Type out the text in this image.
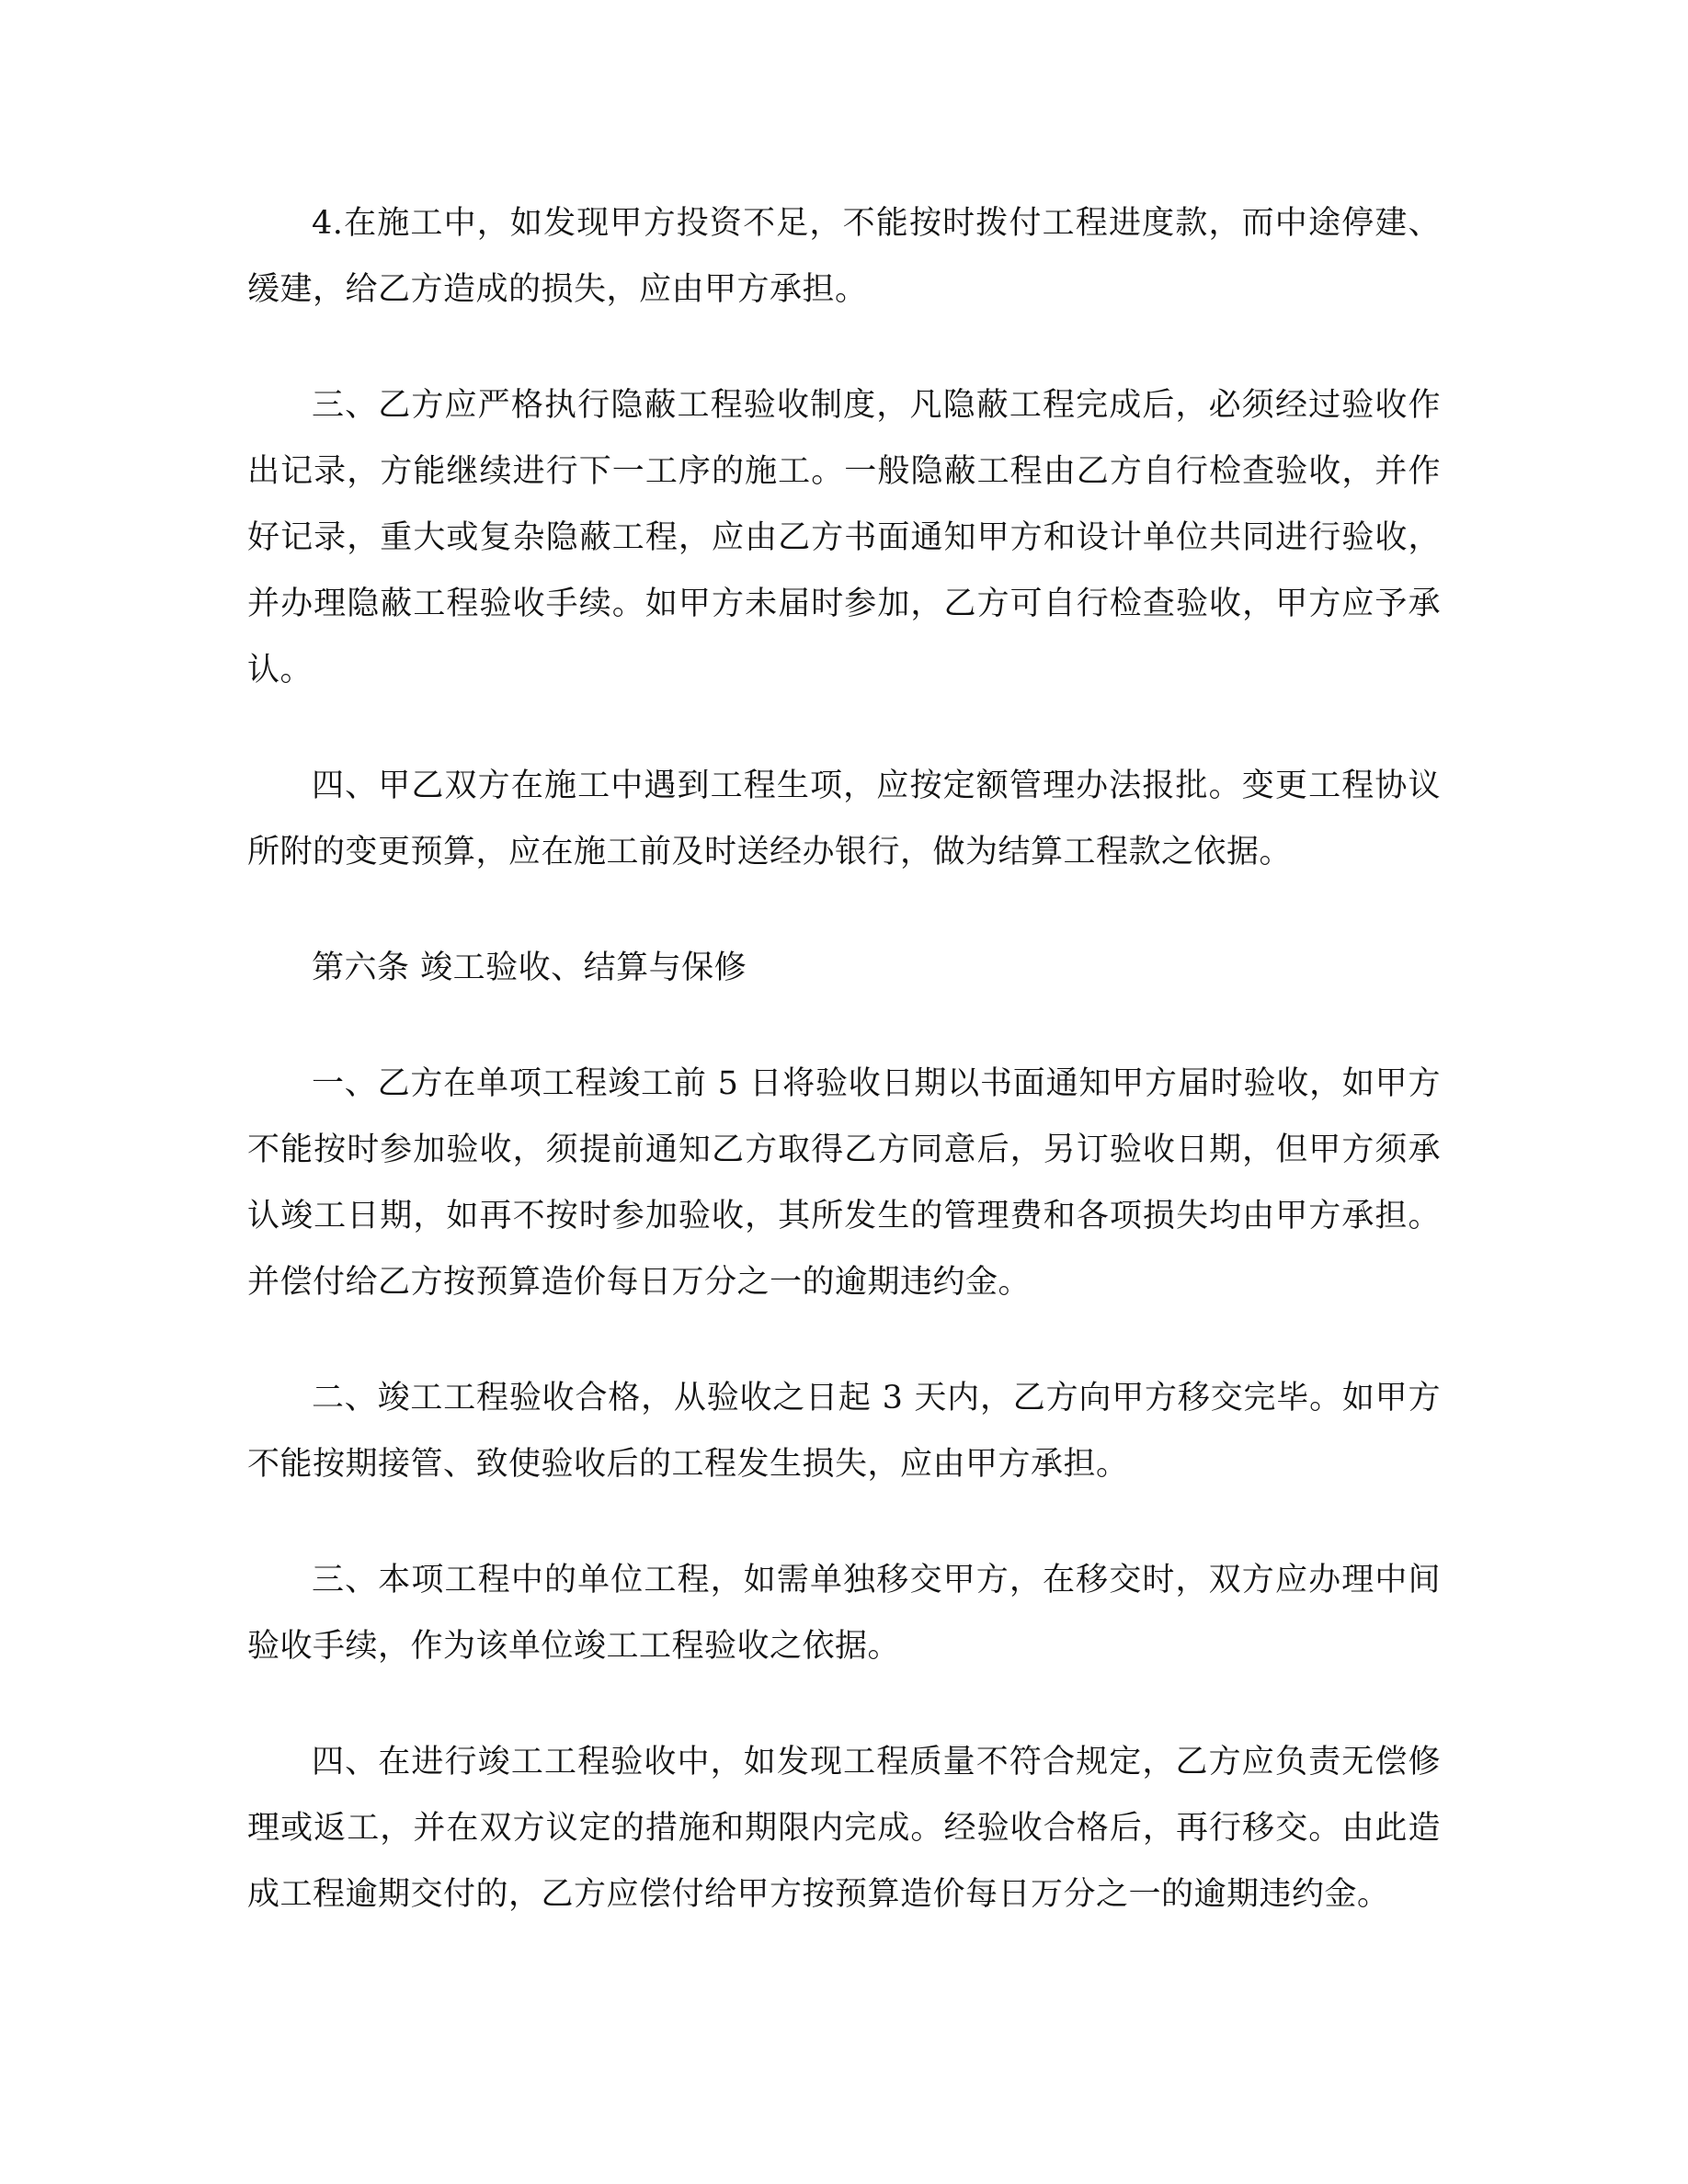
4.在施工中，如发现甲方投资不足，不能按时拨付工程进度款，而中途停建、缓建，给乙方造成的损失，应由甲方承担。

三、乙方应严格执行隐蔽工程验收制度，凡隐蔽工程完成后，必须经过验收作出记录，方能继续进行下一工序的施工。一般隐蔽工程由乙方自行检查验收，并作好记录，重大或复杂隐蔽工程，应由乙方书面通知甲方和设计单位共同进行验收，并办理隐蔽工程验收手续。如甲方未届时参加，乙方可自行检查验收，甲方应予承认。

四、甲乙双方在施工中遇到工程生项，应按定额管理办法报批。变更工程协议所附的变更预算，应在施工前及时送经办银行，做为结算工程款之依据。

第六条 竣工验收、结算与保修

一、乙方在单项工程竣工前 5 日将验收日期以书面通知甲方届时验收，如甲方不能按时参加验收，须提前通知乙方取得乙方同意后，另订验收日期，但甲方须承认竣工日期，如再不按时参加验收，其所发生的管理费和各项损失均由甲方承担。并偿付给乙方按预算造价每日万分之一的逾期违约金。

二、竣工工程验收合格，从验收之日起 3 天内，乙方向甲方移交完毕。如甲方不能按期接管、致使验收后的工程发生损失，应由甲方承担。

三、本项工程中的单位工程，如需单独移交甲方，在移交时，双方应办理中间验收手续，作为该单位竣工工程验收之依据。

四、在进行竣工工程验收中，如发现工程质量不符合规定，乙方应负责无偿修理或返工，并在双方议定的措施和期限内完成。经验收合格后，再行移交。由此造成工程逾期交付的，乙方应偿付给甲方按预算造价每日万分之一的逾期违约金。
